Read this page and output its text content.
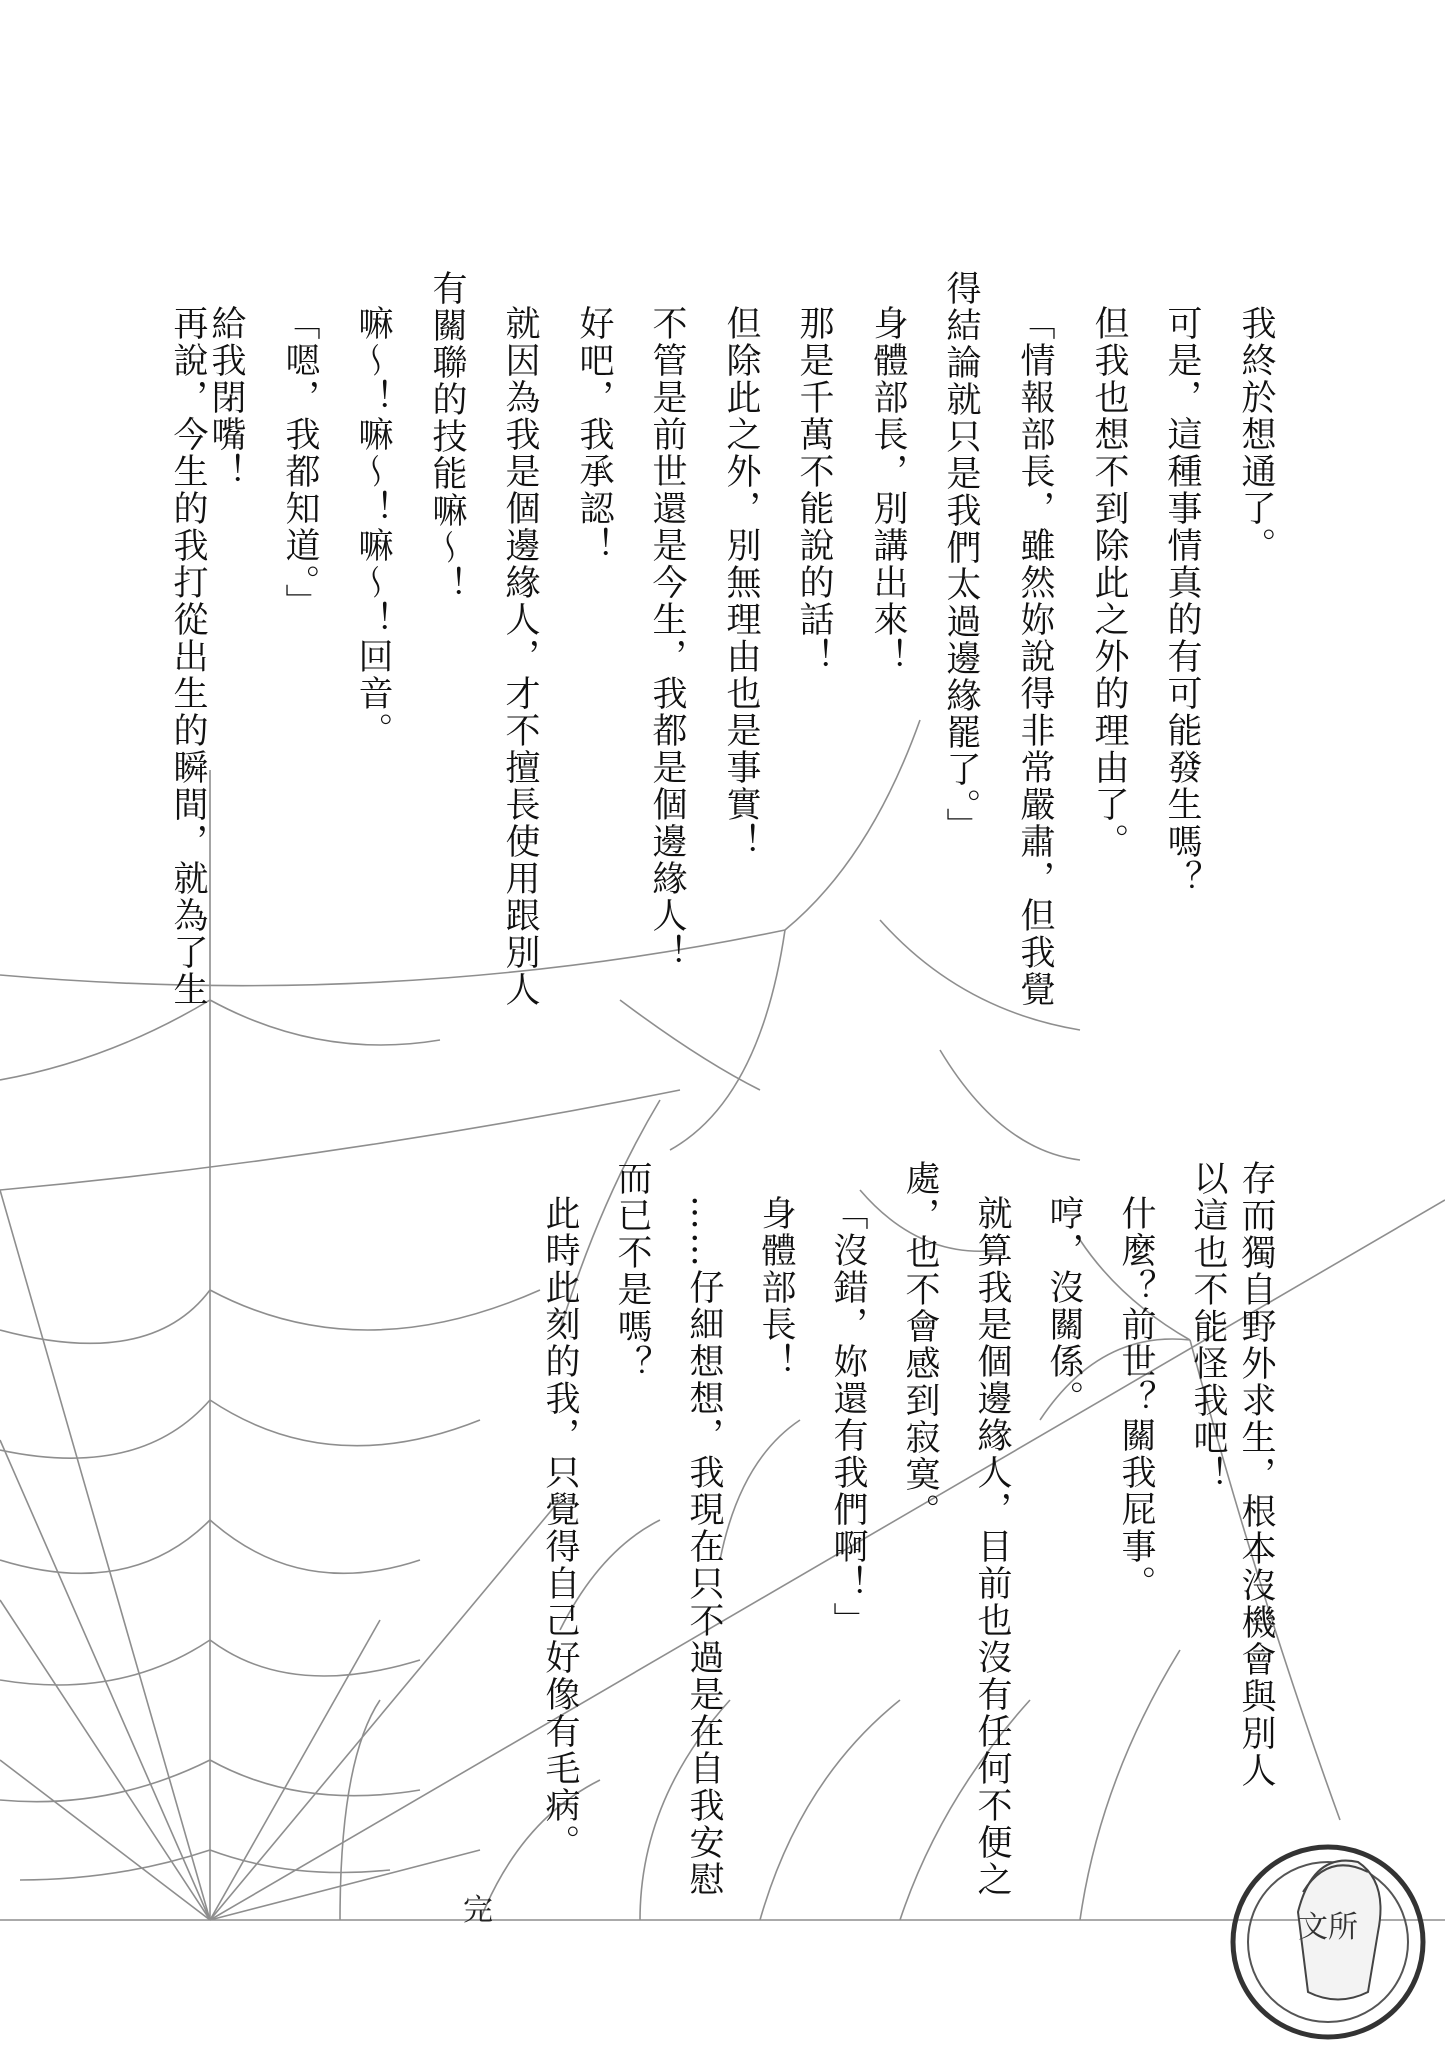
我終於想通了。
可是，這種事情真的有可能發生嗎？
但我也想不到除此之外的理由了。
「情報部長，雖然妳說得非常嚴肅，但我覺
得結論就只是我們太過邊緣罷了。」
身體部長，別講出來！
那是千萬不能說的話！
但除此之外，別無理由也是事實！
不管是前世還是今生，我都是個邊緣人！
好吧，我承認！
就因為我是個邊緣人，才不擅長使用跟別人
有關聯的技能嘛～！
嘛～！嘛～！嘛～！回音。
「嗯，我都知道。」
給我閉嘴！
再說，今生的我打從出生的瞬間，就為了生
存而獨自野外求生，根本沒機會與別人
以這也不能怪我吧！
什麼？前世？關我屁事。
哼，沒關係。
就算我是個邊緣人，目前也沒有任何不便之
處，也不會感到寂寞。
「沒錯，妳還有我們啊！」
身體部長！
……仔細想想，我現在只不過是在自我安慰
而已不是嗎？
此時此刻的我，只覺得自己好像有毛病。
完	文所
